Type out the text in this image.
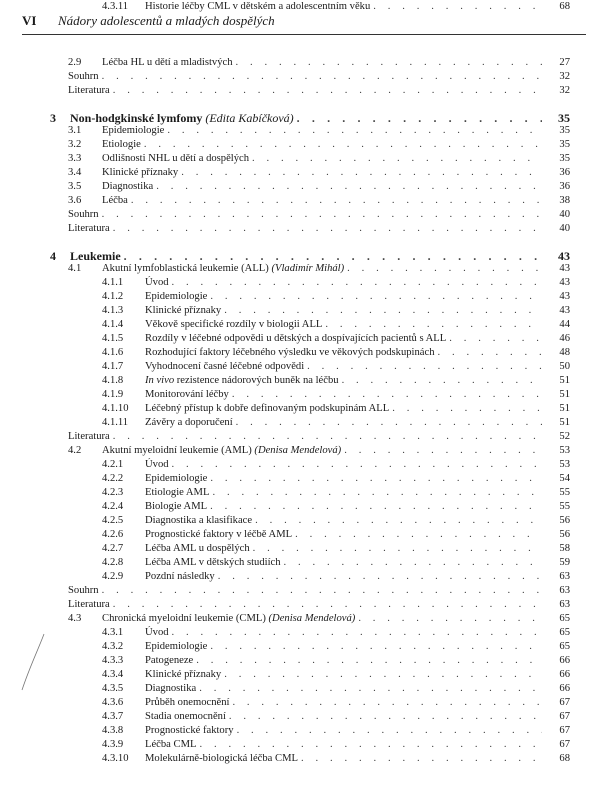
VI Nádory adolescentů a mladých dospělých
2.9 Léčba HL u dětí a mladistvých . . .	27
Souhrn . . .	32
Literatura . . .	32
3 Non-hodgkinské lymfomy (Edita Kabíčková) . . .	35
3.1 Epidemiologie . . .	35
3.2 Etiologie . . .	35
3.3 Odlišnosti NHL u dětí a dospělých . . .	35
3.4 Klinické příznaky . . .	36
3.5 Diagnostika . . .	36
3.6 Léčba . . .	38
Souhrn . . .	40
Literatura . . .	40
4 Leukemie . . .	43
4.1 Akutní lymfoblastická leukemie (ALL) (Vladimír Mihál) . . .	43
4.1.1 Úvod . . .	43
4.1.2 Epidemiologie . . .	43
4.1.3 Klinické příznaky . . .	43
4.1.4 Věkově specifické rozdíly v biologii ALL . . .	44
4.1.5 Rozdíly v léčebné odpovědi u dětských a dospívajících pacientů s ALL . . .	46
4.1.6 Rozhodující faktory léčebného výsledku ve věkových podskupinách . . .	48
4.1.7 Vyhodnocení časné léčebné odpovědi . . .	50
4.1.8 In vivo rezistence nádorových buněk na léčbu . . .	51
4.1.9 Monitorování léčby . . .	51
4.1.10 Léčebný přístup k dobře definovaným podskupinám ALL . . .	51
4.1.11 Závěry a doporučení . . .	51
Literatura . . .	52
4.2 Akutní myeloidní leukemie (AML) (Denisa Mendelová) . . .	53
4.2.1 Úvod . . .	53
4.2.2 Epidemiologie . . .	54
4.2.3 Etiologie AML . . .	55
4.2.4 Biologie AML . . .	55
4.2.5 Diagnostika a klasifikace . . .	56
4.2.6 Prognostické faktory v léčbě AML . . .	56
4.2.7 Léčba AML u dospělých . . .	58
4.2.8 Léčba AML v dětských studiích . . .	59
4.2.9 Pozdní následky . . .	63
Souhrn . . .	63
Literatura . . .	63
4.3 Chronická myeloidní leukemie (CML) (Denisa Mendelová) . . .	65
4.3.1 Úvod . . .	65
4.3.2 Epidemiologie . . .	65
4.3.3 Patogeneze . . .	66
4.3.4 Klinické příznaky . . .	66
4.3.5 Diagnostika . . .	66
4.3.6 Průběh onemocnění . . .	67
4.3.7 Stadia onemocnění . . .	67
4.3.8 Prognostické faktory . . .	67
4.3.9 Léčba CML . . .	67
4.3.10 Molekulárně-biologická léčba CML . . .	68
4.3.11 Historie léčby CML v dětském a adolescentním věku . . .	68
